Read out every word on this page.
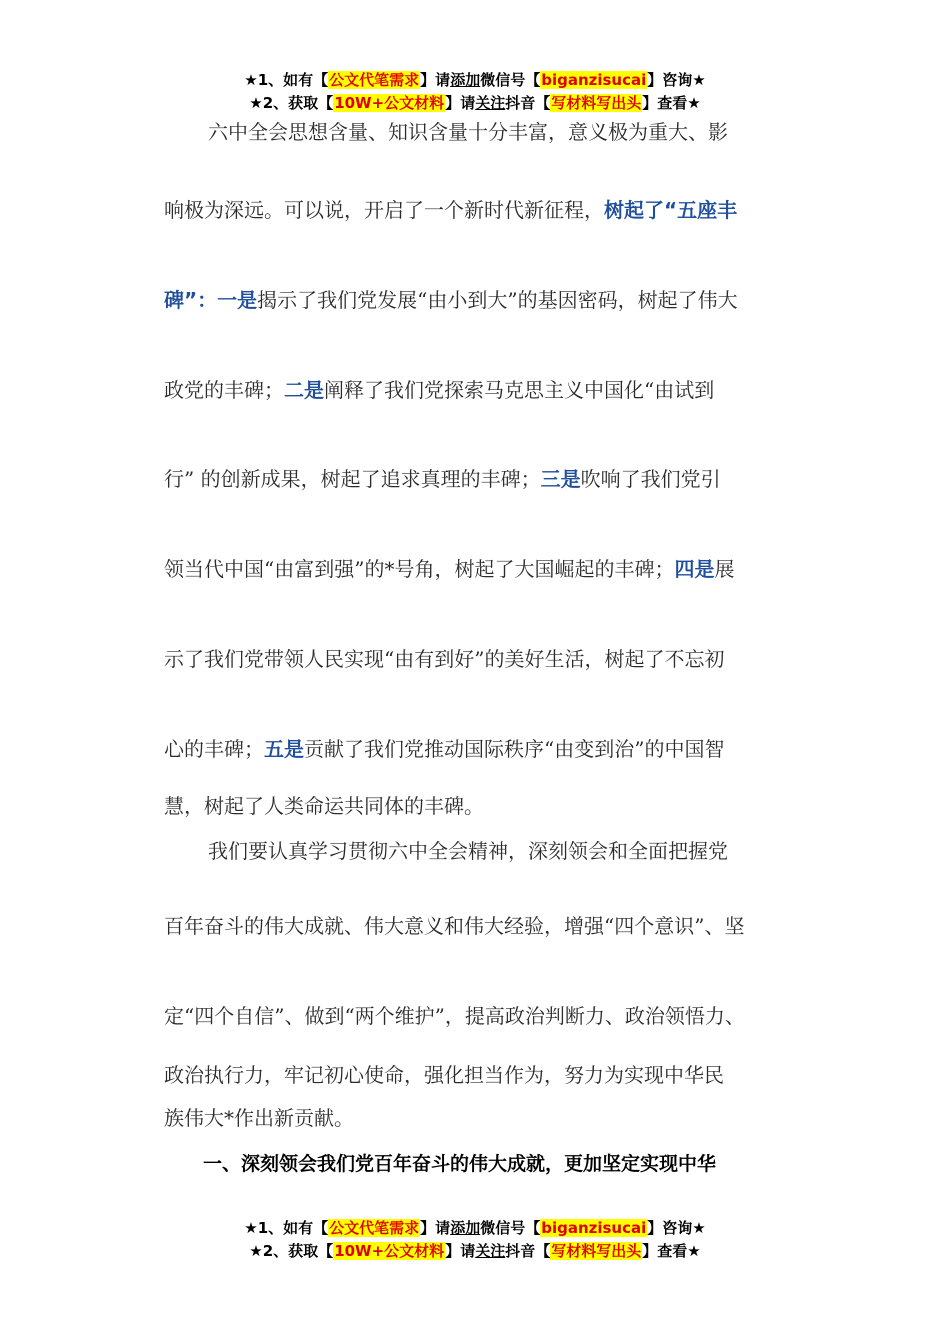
★1、如有【公文代笔需求】请添加微信号【biganzisucai】咨询★
★2、获取【10W+公文材料】请关注抖音【写材料写出头】查看★
六中全会思想含量、知识含量十分丰富，意义极为重大、影
响极为深远。可以说，开启了一个新时代新征程，树起了“五座丰
碑”：一是揭示了我们党发展“由小到大”的基因密码，树起了伟大
政党的丰碑；二是阐释了我们党探索马克思主义中国化“由试到
行” 的创新成果，树起了追求真理的丰碑；三是吹响了我们党引
领当代中国“由富到强”的*号角，树起了大国崛起的丰碑；四是展
示了我们党带领人民实现“由有到好”的美好生活，树起了不忘初
心的丰碑；五是贡献了我们党推动国际秩序“由变到治”的中国智
慧，树起了人类命运共同体的丰碑。
我们要认真学习贯彻六中全会精神，深刻领会和全面把握党
百年奋斗的伟大成就、伟大意义和伟大经验，增强“四个意识”、坚
定“四个自信”、做到“两个维护”，提高政治判断力、政治领悟力、
政治执行力，牢记初心使命，强化担当作为，努力为实现中华民
族伟大*作出新贡献。
一、深刻领会我们党百年奋斗的伟大成就，更加坚定实现中华
★1、如有【公文代笔需求】请添加微信号【biganzisucai】咨询★
★2、获取【10W+公文材料】请关注抖音【写材料写出头】查看★
